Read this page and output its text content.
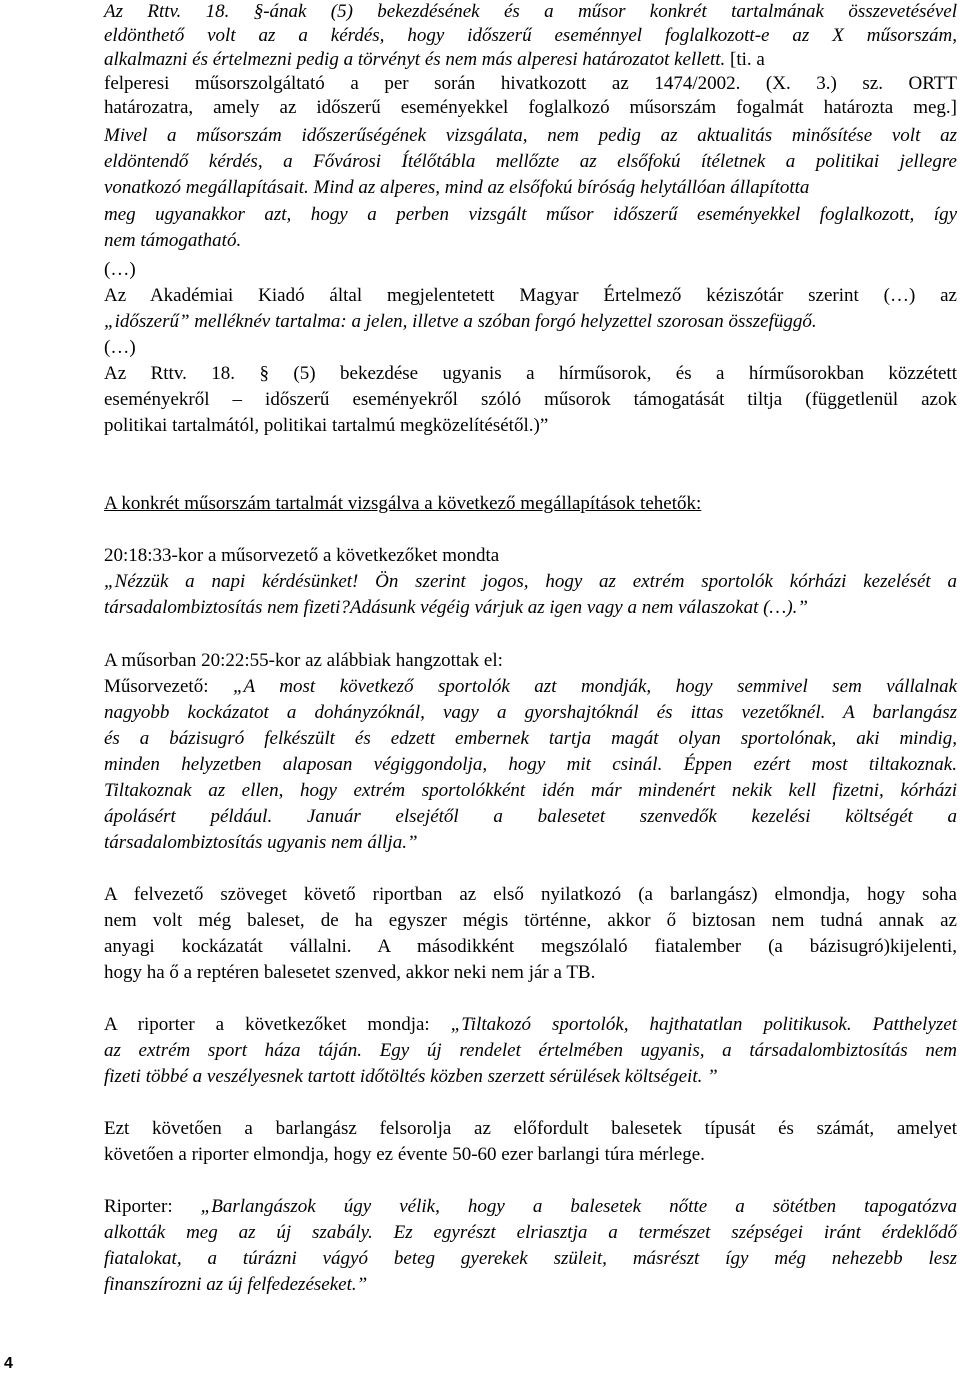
Az Rttv. 18. §-ának (5) bekezdésének és a műsor konkrét tartalmának összevetésével
eldönthető volt az a kérdés, hogy időszerű eseménnyel foglalkozott-e az X műsorszám,
alkalmazni és értelmezni pedig a törvényt és nem más alperesi határozatot kellett. [ti. a
felperesi műsorszolgáltató a per során hivatkozott az 1474/2002. (X. 3.) sz. ORTT
határozatra, amely az időszerű eseményekkel foglalkozó műsorszám fogalmát határozta meg.]
Mivel a műsorszám időszerűségének vizsgálata, nem pedig az aktualitás minősítése volt az
eldöntendő kérdés, a Fővárosi Ítélőtábla mellőzte az elsőfokú ítéletnek a politikai jellegre
vonatkozó megállapításait. Mind az alperes, mind az elsőfokú bíróság helytállóan állapította
meg ugyanakkor azt, hogy a perben vizsgált műsor időszerű eseményekkel foglalkozott, így
nem támogatható.
(…)
Az Akadémiai Kiadó által megjelentetett Magyar Értelmező kéziszótár szerint (…) az
„időszerű” melléknév tartalma: a jelen, illetve a szóban forgó helyzettel szorosan összefüggő.
(…)
Az Rttv. 18. § (5) bekezdése ugyanis a hírműsorok, és a hírműsorokban közzétett
eseményekről – időszerű eseményekről szóló műsorok támogatását tiltja (függetlenül azok
politikai tartalmától, politikai tartalmú megközelítésétől.)”
A konkrét műsorszám tartalmát vizsgálva a következő megállapítások tehetők:
20:18:33-kor a műsorvezető a következőket mondta
„Nézzük a napi kérdésünket! Ön szerint jogos, hogy az extrém sportolók kórházi kezelését a
társadalombiztosítás nem fizeti?Adásunk végéig várjuk az igen vagy a nem válaszokat (…).”
A műsorban 20:22:55-kor az alábbiak hangzottak el:
Műsorvezető: „A most következő sportolók azt mondják, hogy semmivel sem vállalnak
nagyobb kockázatot a dohányzóknál, vagy a gyorshajtóknál és ittas vezetőknél. A barlangász
és a bázisugró felkészült és edzett embernek tartja magát olyan sportolónak, aki mindig,
minden helyzetben alaposan végiggondolja, hogy mit csinál. Éppen ezért most tiltakoznak.
Tiltakoznak az ellen, hogy extrém sportolókként idén már mindenért nekik kell fizetni, kórházi
ápolásért például. Január elsejétől a balesetet szenvedők kezelési költségét a
társadalombiztosítás ugyanis nem állja.”
A felvezető szöveget követő riportban az első nyilatkozó (a barlangász) elmondja, hogy soha
nem volt még baleset, de ha egyszer mégis történne, akkor ő biztosan nem tudná annak az
anyagi kockázatát vállalni. A másodikként megszólaló fiatalember (a bázisugró)kijelenti,
hogy ha ő a reptéren balesetet szenved, akkor neki nem jár a TB.
A riporter a következőket mondja: „Tiltakozó sportolók, hajthatatlan politikusok. Patthelyzet
az extrém sport háza táján. Egy új rendelet értelmében ugyanis, a társadalombiztosítás nem
fizeti többé a veszélyesnek tartott időtöltés közben szerzett sérülések költségeit. ”
Ezt követően a barlangász felsorolja az előfordult balesetek típusát és számát, amelyet
követően a riporter elmondja, hogy ez évente 50-60 ezer barlangi túra mérlege.
Riporter: „Barlangászok úgy vélik, hogy a balesetek nőtte a sötétben tapogatózva
alkották meg az új szabály. Ez egyrészt elriasztja a természet szépségei iránt érdeklődő
fiatalokat, a túrázni vágyó beteg gyerekek szüleit, másrészt így még nehezebb lesz
finanszírozni az új felfedezéseket.”
4
